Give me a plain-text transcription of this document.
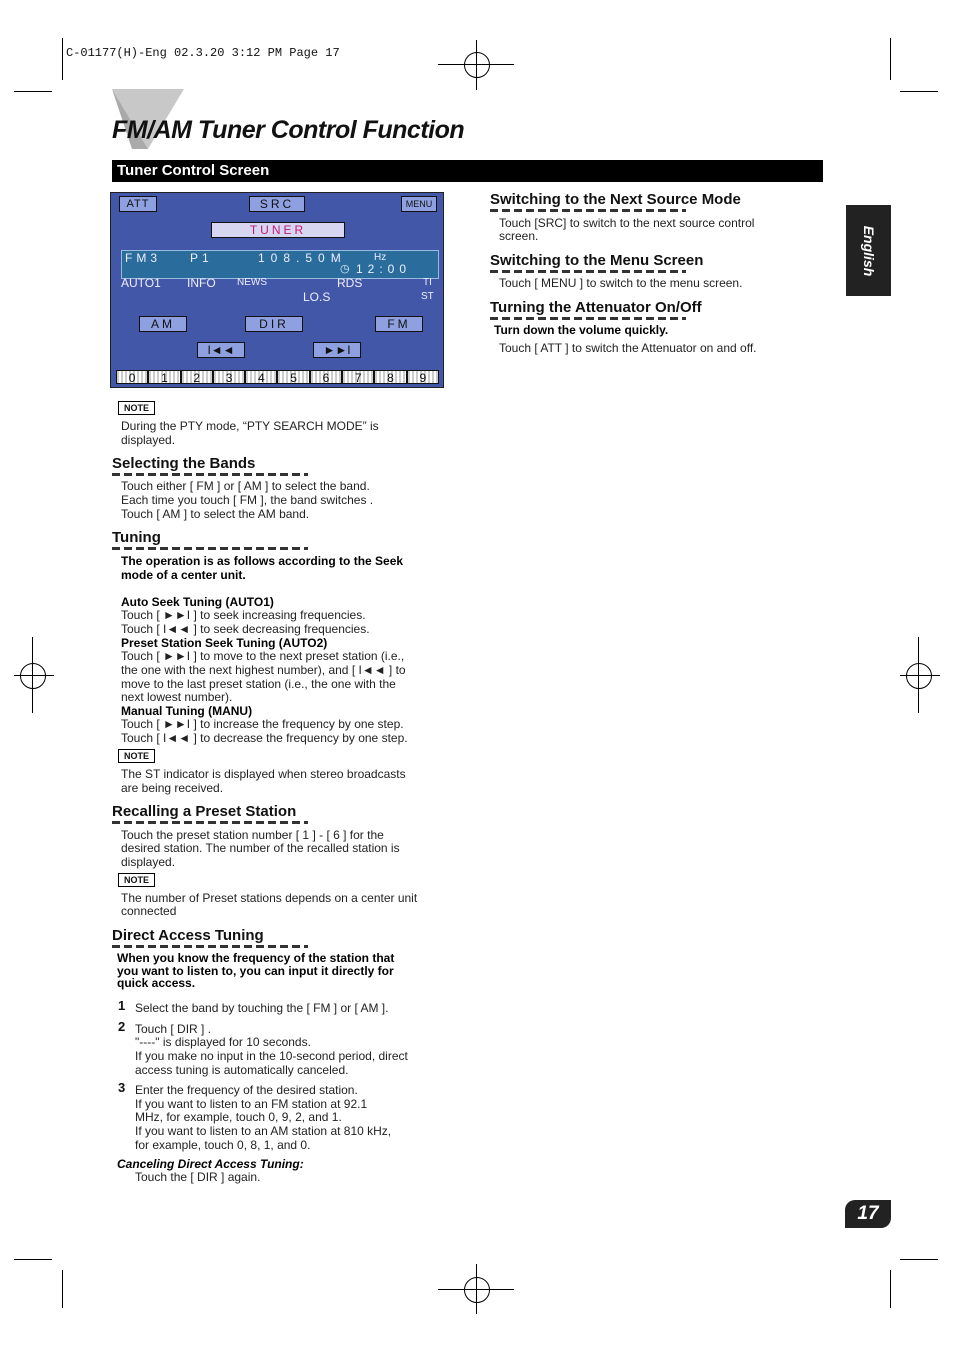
C-01177(H)-Eng 02.3.20 3:12 PM Page 17
FM/AM Tuner Control Function
Tuner Control Screen
English
17
ATT	SRC	MENU
TUNER
FM3 P1	108.50M	Hz
◷ 12:00
AUTO1 INFO NEWS	RDS	TI
LO.S	ST
AM	DIR	FM
I◄◄	►►I
0	1	2	3	4	5	6	7	8	9
NOTE

During the PTY mode, “PTY SEARCH MODE” is displayed.

Selecting the Bands

Touch either [ FM ] or [ AM ] to select the band.

Each time you touch [ FM ], the band switches .

Touch [ AM ] to select the AM band.

Tuning

The operation is as follows according to the Seek

mode of a center unit.

Auto Seek Tuning (AUTO1)

Touch [ ►►I ] to seek increasing frequencies.

Touch [ I◄◄ ] to seek decreasing frequencies.

Preset Station Seek Tuning (AUTO2)

Touch [ ►►I ] to move to the next preset station (i.e.,

the one with the next highest number), and [ I◄◄ ] to

move to the last preset station (i.e., the one with the

next lowest number).

Manual Tuning (MANU)

Touch [ ►►I ] to increase the frequency by one step.

Touch [ I◄◄ ] to decrease the frequency by one step.

NOTE

The ST indicator is displayed when stereo broadcasts

are being received.

Recalling a Preset Station

Touch the preset station number [ 1 ] - [ 6 ] for the

desired station. The number of the recalled station is

displayed.

NOTE

The number of Preset stations depends on a center unit

connected

Direct Access Tuning

When you know the frequency of the station that

you want to listen to, you can input it directly for

quick access.

1 Select the band by touching the [ FM ] or [ AM ].

2 Touch [ DIR ] .

"----" is displayed for 10 seconds.

If you make no input in the 10-second period, direct

access tuning is automatically canceled.

3 Enter the frequency of the desired station.

If you want to listen to an FM station at 92.1

MHz, for example, touch 0, 9, 2, and 1.

If you want to listen to an AM station at 810 kHz,

for example, touch 0, 8, 1, and 0.

Canceling Direct Access Tuning:

Touch the [ DIR ] again.

Switching to the Next Source Mode

Touch [SRC] to switch to the next source control

screen.

Switching to the Menu Screen

Touch [ MENU ] to switch to the menu screen.

Turning the Attenuator On/Off

Turn down the volume quickly.

Touch [ ATT ] to switch the Attenuator on and off.
